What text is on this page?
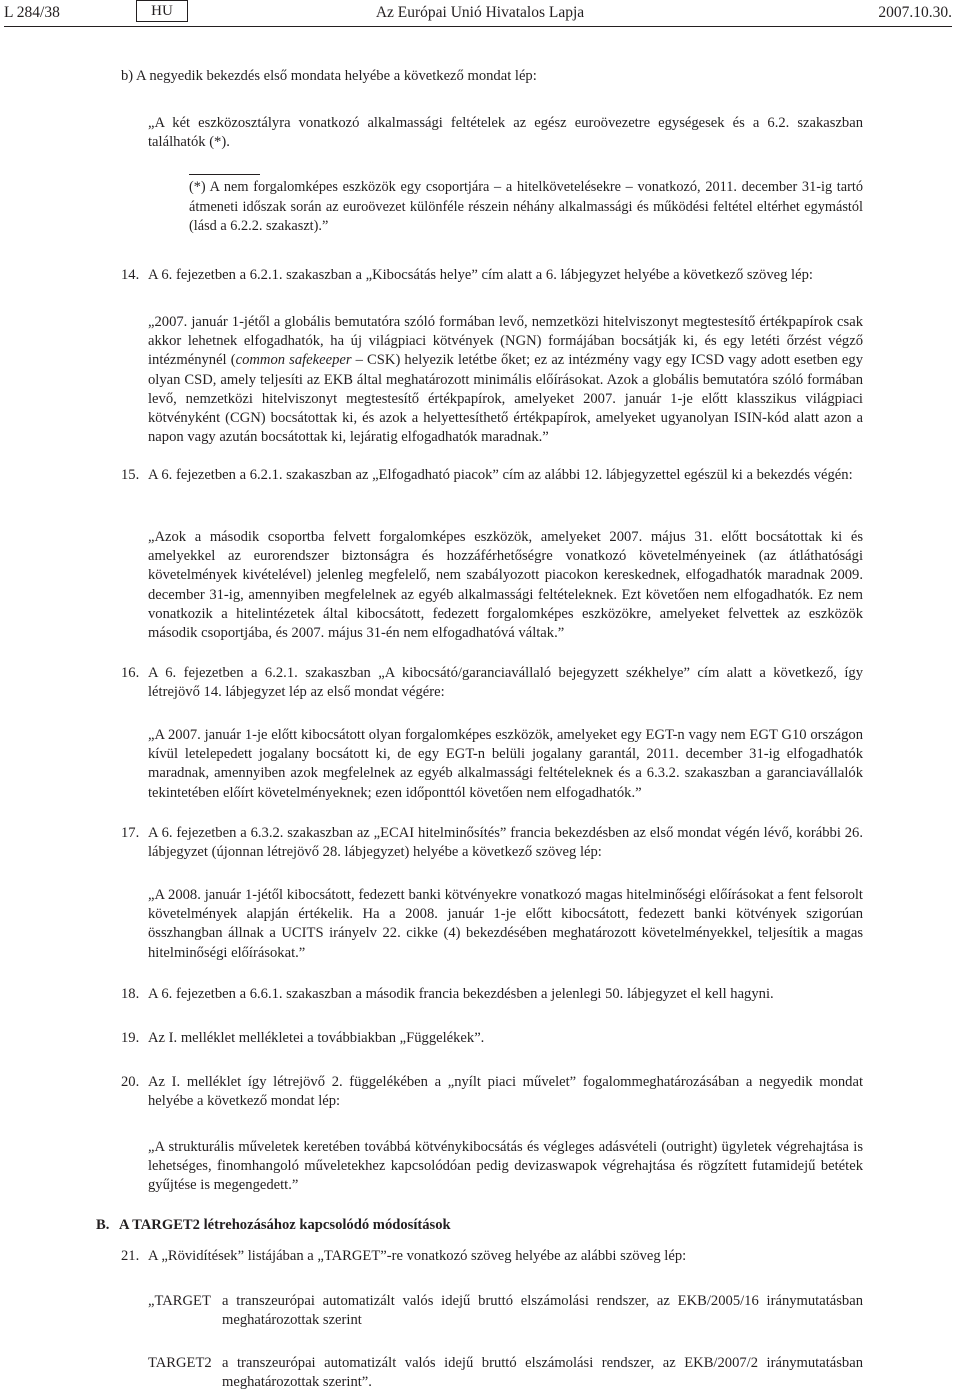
L 284/38	HU	Az Európai Unió Hivatalos Lapja	2007.10.30.
b) A negyedik bekezdés első mondata helyébe a következő mondat lép:
„A két eszközosztályra vonatkozó alkalmassági feltételek az egész euroövezetre egységesek és a 6.2. szakaszban találhatók (*).
(*) A nem forgalomképes eszközök egy csoportjára – a hitelkövetelésekre – vonatkozó, 2011. december 31-ig tartó átmeneti időszak során az euroövezet különféle részein néhány alkalmassági és működési feltétel eltérhet egymástól (lásd a 6.2.2. szakaszt).”
14. A 6. fejezetben a 6.2.1. szakaszban a „Kibocsátás helye” cím alatt a 6. lábjegyzet helyébe a következő szöveg lép:
„2007. január 1-jétől a globális bemutatóra szóló formában levő, nemzetközi hitelviszonyt megtestesítő értékpapírok csak akkor lehetnek elfogadhatók, ha új világpiaci kötvények (NGN) formájában bocsátják ki, és egy letéti őrzést végző intézménynél (common safekeeper – CSK) helyezik letétbe őket; ez az intézmény vagy egy ICSD vagy adott esetben egy olyan CSD, amely teljesíti az EKB által meghatározott minimális előírásokat. Azok a globális bemutatóra szóló formában levő, nemzetközi hitelviszonyt megtestesítő értékpapírok, amelyeket 2007. január 1-je előtt klasszikus világpiaci kötvényként (CGN) bocsátottak ki, és azok a helyettesíthető értékpapírok, amelyeket ugyanolyan ISIN-kód alatt azon a napon vagy azután bocsátottak ki, lejáratig elfogadhatók maradnak.”
15. A 6. fejezetben a 6.2.1. szakaszban az „Elfogadható piacok” cím az alábbi 12. lábjegyzettel egészül ki a bekezdés végén:
„Azok a második csoportba felvett forgalomképes eszközök, amelyeket 2007. május 31. előtt bocsátottak ki és amelyekkel az eurorendszer biztonságra és hozzáférhetőségre vonatkozó követelményeinek (az átláthatósági követelmények kivételével) jelenleg megfelelő, nem szabályozott piacokon kereskednek, elfogadhatók maradnak 2009. december 31-ig, amennyiben megfelelnek az egyéb alkalmassági feltételeknek. Ezt követően nem elfogadhatók. Ez nem vonatkozik a hitelintézetek által kibocsátott, fedezett forgalomképes eszközökre, amelyeket felvettek az eszközök második csoportjába, és 2007. május 31-én nem elfogadhatóvá váltak.”
16. A 6. fejezetben a 6.2.1. szakaszban „A kibocsátó/garanciavállaló bejegyzett székhelye” cím alatt a következő, így létrejövő 14. lábjegyzet lép az első mondat végére:
„A 2007. január 1-je előtt kibocsátott olyan forgalomképes eszközök, amelyeket egy EGT-n vagy nem EGT G10 országon kívül letelepedett jogalany bocsátott ki, de egy EGT-n belüli jogalany garantál, 2011. december 31-ig elfogadhatók maradnak, amennyiben azok megfelelnek az egyéb alkalmassági feltételeknek és a 6.3.2. szakaszban a garanciavállalók tekintetében előírt követelményeknek; ezen időponttól követően nem elfogadhatók.”
17. A 6. fejezetben a 6.3.2. szakaszban az „ECAI hitelminősítés” francia bekezdésben az első mondat végén lévő, korábbi 26. lábjegyzet (újonnan létrejövő 28. lábjegyzet) helyébe a következő szöveg lép:
„A 2008. január 1-jétől kibocsátott, fedezett banki kötvényekre vonatkozó magas hitelminőségi előírásokat a fent felsorolt követelmények alapján értékelik. Ha a 2008. január 1-je előtt kibocsátott, fedezett banki kötvények szigorúan összhangban állnak a UCITS irányelv 22. cikke (4) bekezdésében meghatározott követelményekkel, teljesítik a magas hitelminőségi előírásokat.”
18. A 6. fejezetben a 6.6.1. szakaszban a második francia bekezdésben a jelenlegi 50. lábjegyzet el kell hagyni.
19. Az I. melléklet mellékletei a továbbiakban „Függelékek”.
20. Az I. melléklet így létrejövő 2. függelékében a „nyílt piaci művelet” fogalommeghatározásában a negyedik mondat helyébe a következő mondat lép:
„A strukturális műveletek keretében továbbá kötvénykibocsátás és végleges adásvételi (outright) ügyletek végrehajtása is lehetséges, finomhangoló műveletekhez kapcsolódóan pedig devizaswapok végrehajtása és rögzített futamidejű betétek gyűjtése is megengedett.”
B. A TARGET2 létrehozásához kapcsolódó módosítások
21. A „Rövidítések” listájában a „TARGET”-re vonatkozó szöveg helyébe az alábbi szöveg lép:
„TARGET a transzeurópai automatizált valós idejű bruttó elszámolási rendszer, az EKB/2005/16 iránymutatásban meghatározottak szerint
TARGET2 a transzeurópai automatizált valós idejű bruttó elszámolási rendszer, az EKB/2007/2 iránymutatásban meghatározottak szerint”.
